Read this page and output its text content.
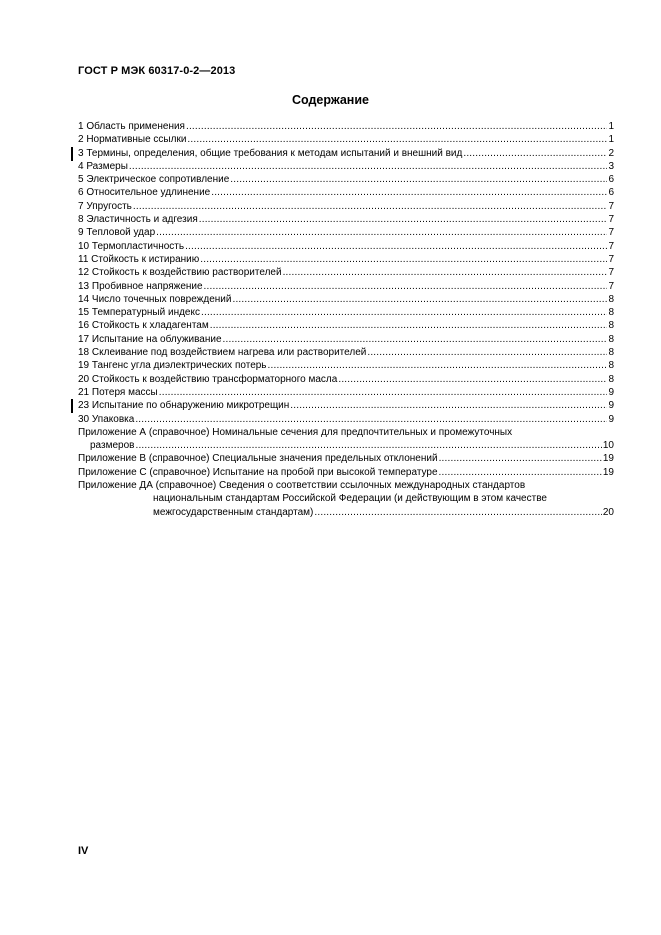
ГОСТ Р МЭК 60317-0-2—2013
Содержание
1 Область применения .....	1
2 Нормативные ссылки .....	1
3 Термины, определения, общие требования к методам испытаний и внешний вид .....	2
4 Размеры .....	3
5 Электрическое сопротивление .....	6
6 Относительное удлинение .....	6
7 Упругость .....	7
8 Эластичность и адгезия .....	7
9 Тепловой удар .....	7
10 Термопластичность .....	7
11 Стойкость к истиранию .....	7
12 Стойкость к воздействию растворителей .....	7
13 Пробивное напряжение .....	7
14 Число точечных повреждений .....	8
15 Температурный индекс .....	8
16 Стойкость к хладагентам .....	8
17 Испытание на облуживание .....	8
18 Склеивание под воздействием нагрева или растворителей .....	8
19 Тангенс угла диэлектрических потерь .....	8
20 Стойкость к воздействию трансформаторного масла .....	8
21 Потеря массы .....	9
23 Испытание по обнаружению микротрещин .....	9
30 Упаковка .....	9
Приложение А (справочное) Номинальные сечения для предпочтительных и промежуточных
размеров .....	10
Приложение В (справочное) Специальные значения предельных отклонений .....	19
Приложение С (справочное) Испытание на пробой при высокой температуре .....	19
Приложение ДА (справочное) Сведения о соответствии ссылочных международных стандартов
национальным стандартам Российской Федерации (и действующим в этом качестве
межгосударственным стандартам) .....	20
IV
